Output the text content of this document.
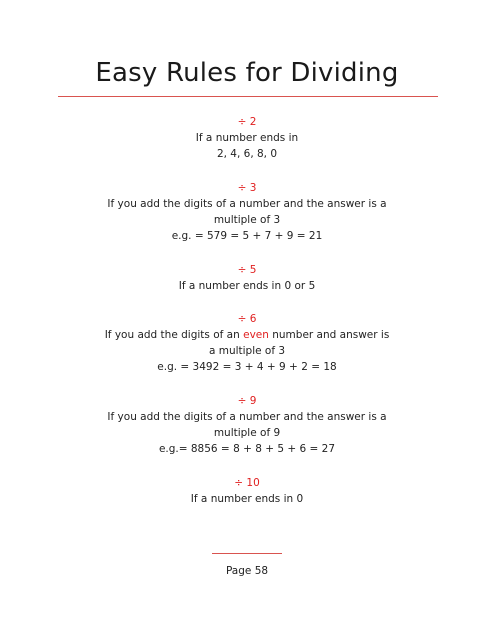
Easy Rules for Dividing
÷ 2
If a number ends in
2, 4, 6, 8, 0
÷ 3
If you add the digits of a number and the answer is a
multiple of 3
e.g. = 579 = 5 + 7 + 9 = 21
÷ 5
If a number ends in 0 or 5
÷ 6
If you add the digits of an even number and answer is
a multiple of 3
e.g. = 3492 = 3 + 4 + 9 + 2 = 18
÷ 9
If you add the digits of a number and the answer is a
multiple of 9
e.g.= 8856 = 8 + 8 + 5 + 6 = 27
÷ 10
If a number ends in 0
Page 58
